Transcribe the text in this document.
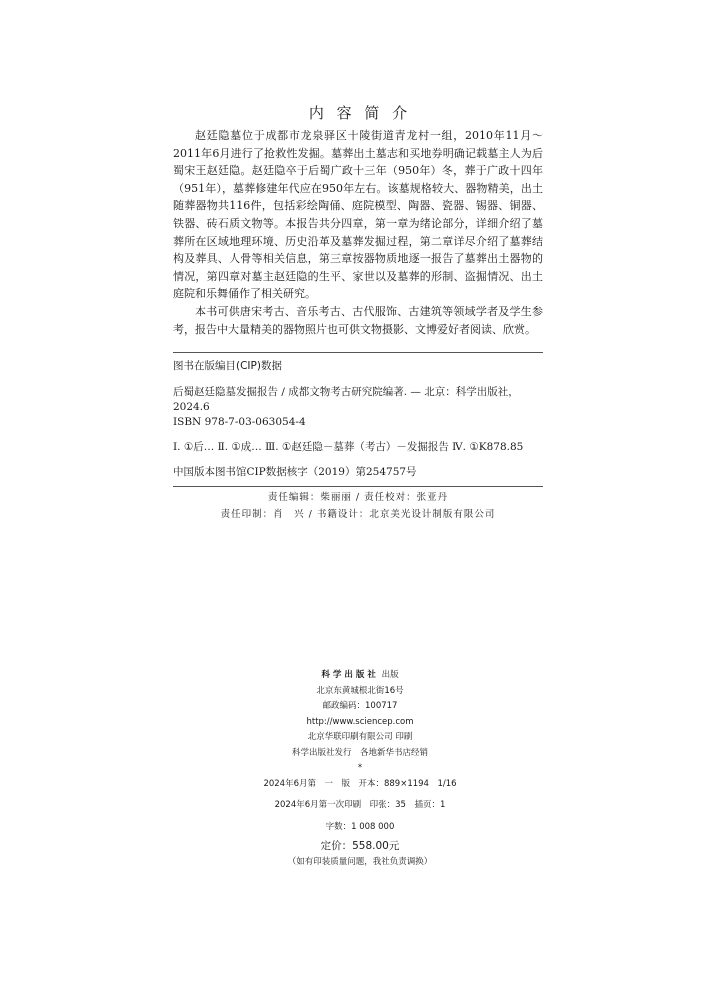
内 容 简 介

赵廷隐墓位于成都市龙泉驿区十陵街道青龙村一组，2010年11月～2011年6月进行了抢救性发掘。墓葬出土墓志和买地券明确记载墓主人为后蜀宋王赵廷隐。赵廷隐卒于后蜀广政十三年（950年）冬，葬于广政十四年（951年），墓葬修建年代应在950年左右。该墓规格较大、器物精美，出土随葬器物共116件，包括彩绘陶俑、庭院模型、陶器、瓷器、锡器、铜器、铁器、砖石质文物等。本报告共分四章，第一章为绪论部分，详细介绍了墓葬所在区域地理环境、历史沿革及墓葬发掘过程，第二章详尽介绍了墓葬结构及葬具、人骨等相关信息，第三章按器物质地逐一报告了墓葬出土器物的情况，第四章对墓主赵廷隐的生平、家世以及墓葬的形制、盗掘情况、出土庭院和乐舞俑作了相关研究。

本书可供唐宋考古、音乐考古、古代服饰、古建筑等领域学者及学生参考，报告中大量精美的器物照片也可供文物摄影、文博爱好者阅读、欣赏。

图书在版编目(CIP)数据
后蜀赵廷隐墓发掘报告 / 成都文物考古研究院编著. — 北京：科学出版社，
2024.6
ISBN 978-7-03-063054-4
Ⅰ. ①后… Ⅱ. ①成… Ⅲ. ①赵廷隐－墓葬（考古）－发掘报告 Ⅳ. ①K878.85
中国版本图书馆CIP数据核字（2019）第254757号
责任编辑：柴丽丽 / 责任校对：张亚丹
责任印制：肖　兴 / 书籍设计：北京美光设计制版有限公司
科学出版社 出版
北京东黄城根北街16号
邮政编码：100717
http://www.sciencep.com
北京华联印刷有限公司 印刷
科学出版社发行　各地新华书店经销
*
2024年6月第　一　版　开本：889×1194　1/16
2024年6月第一次印刷　印张：35　插页：1
字数：1 008 000
定价：558.00元
（如有印装质量问题，我社负责调换）
